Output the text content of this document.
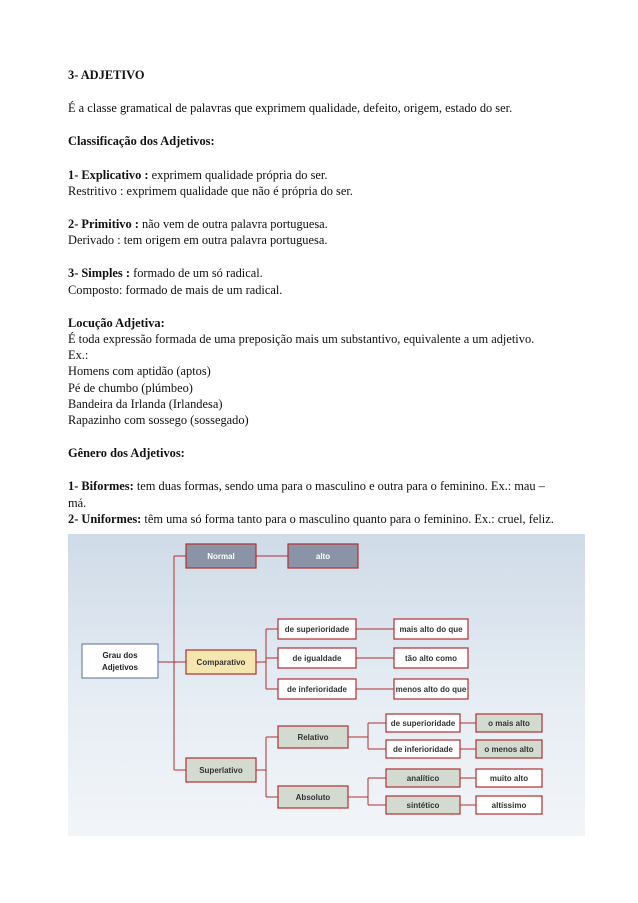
3- ADJETIVO

É a classe gramatical de palavras que exprimem qualidade, defeito, origem, estado do ser.

Classificação dos Adjetivos:

1- Explicativo : exprimem qualidade própria do ser.

Restritivo : exprimem qualidade que não é própria do ser.

2- Primitivo : não vem de outra palavra portuguesa.

Derivado : tem origem em outra palavra portuguesa.

3- Simples : formado de um só radical.

Composto: formado de mais de um radical.

Locução Adjetiva:

É toda expressão formada de uma preposição mais um substantivo, equivalente a um adjetivo.

Ex.:

Homens com aptidão (aptos)

Pé de chumbo (plúmbeo)

Bandeira da Irlanda (Irlandesa)

Rapazinho com sossego (sossegado)

Gênero dos Adjetivos:

1- Biformes: tem duas formas, sendo uma para o masculino e outra para o feminino. Ex.: mau –

má.

2- Uniformes: têm uma só forma tanto para o masculino quanto para o feminino. Ex.: cruel, feliz.

Grau dos
Adjetivos
Normal	alto
Comparativo
de superioridade
de igualdade
de inferioridade
mais alto do que
tão alto como
menos alto do que
Superlativo
Relativo
Absoluto
de superioridade
de inferioridade
o mais alto
o menos alto
analítico
sintético
muito alto
altíssimo
